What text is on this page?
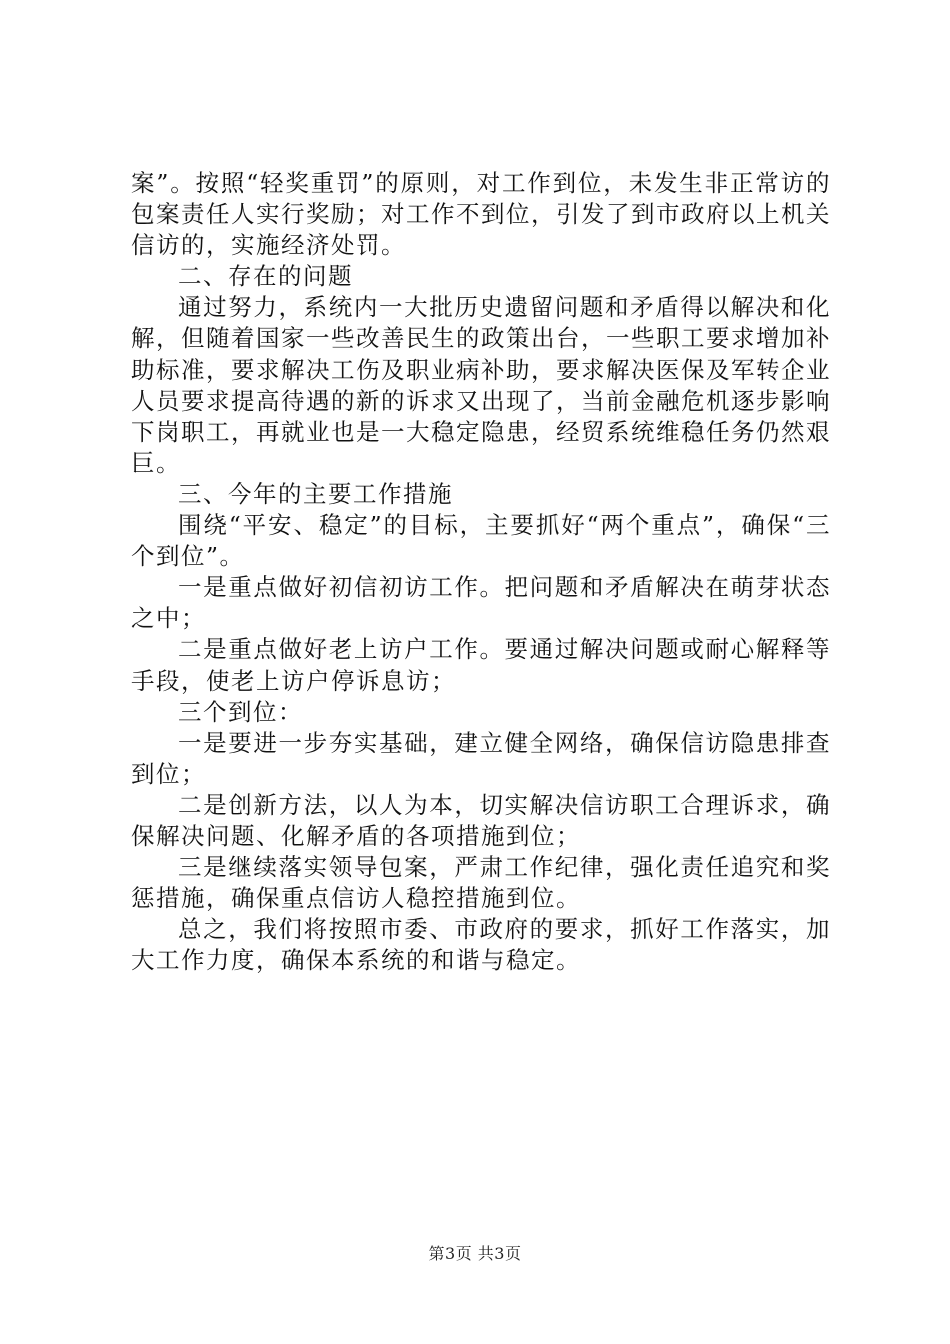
案”。按照“轻奖重罚”的原则，对工作到位，未发生非正常访的包案责任人实行奖励；对工作不到位，引发了到市政府以上机关信访的，实施经济处罚。

二、存在的问题

通过努力，系统内一大批历史遗留问题和矛盾得以解决和化解，但随着国家一些改善民生的政策出台，一些职工要求增加补助标准，要求解决工伤及职业病补助，要求解决医保及军转企业人员要求提高待遇的新的诉求又出现了，当前金融危机逐步影响下岗职工，再就业也是一大稳定隐患，经贸系统维稳任务仍然艰巨。

三、今年的主要工作措施

围绕“平安、稳定”的目标，主要抓好“两个重点”，确保“三个到位”。

一是重点做好初信初访工作。把问题和矛盾解决在萌芽状态之中；

二是重点做好老上访户工作。要通过解决问题或耐心解释等手段，使老上访户停诉息访；

三个到位：

一是要进一步夯实基础，建立健全网络，确保信访隐患排查到位；

二是创新方法，以人为本，切实解决信访职工合理诉求，确保解决问题、化解矛盾的各项措施到位；

三是继续落实领导包案，严肃工作纪律，强化责任追究和奖惩措施，确保重点信访人稳控措施到位。

总之，我们将按照市委、市政府的要求，抓好工作落实，加大工作力度，确保本系统的和谐与稳定。

第3页 共3页
